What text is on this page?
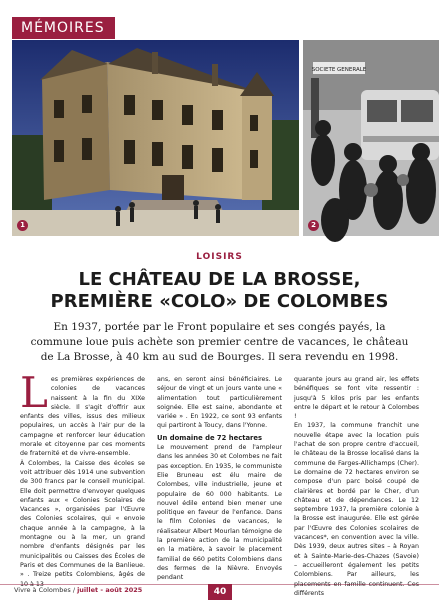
MÉMOIRES
1
SOCIETE GENERALE
2
LOISIRS
LE CHÂTEAU DE LA BROSSE,
PREMIÈRE «COLO» DE COLOMBES

En 1937, portée par le Front populaire et ses congés payés, la commune loue puis achète son premier centre de vacances, le château de La Brosse, à 40 km au sud de Bourges. Il sera revendu en 1998.

L es premières expériences de colonies de vacances naissent à la fin du XIXe siècle. Il s'agit d'offrir aux enfants des villes, issus des milieux populaires, un accès à l'air pur de la campagne et renforcer leur éducation morale et citoyenne par ces moments de fraternité et de vivre-ensemble.

À Colombes, la Caisse des écoles se voit attribuer dès 1914 une subvention de 300 francs par le conseil municipal. Elle doit permettre d'envoyer quelques enfants aux « Colonies Scolaires de Vacances », organisées par l'Œuvre des Colonies scolaires, qui « envoie chaque année à la campagne, à la montagne ou à la mer, un grand nombre d'enfants désignés par les municipalités ou Caisses des Écoles de Paris et des Communes de la Banlieue. » . Treize petits Colombiens, âgés de

ans, en seront ainsi bénéficiaires. Le séjour de vingt et un jours vante une « alimentation tout particulièrement soignée. Elle est saine, abondante et variée » . En 1922, ce sont 93 enfants qui partiront à Toucy, dans l'Yonne.

Un domaine de 72 hectares

Le mouvement prend de l'ampleur dans les années 30 et Colombes ne fait pas exception. En 1935, le communiste Elie Bruneau est élu maire de Colombes, ville industrielle, jeune et populaire de 60 000 habitants. Le nouvel édile entend bien mener une politique en faveur de l'enfance. Dans le film Colonies de vacances, le réalisateur Albert Mourlan témoigne de la première action de la municipalité en la matière, à savoir le placement familial de 660 petits Colombiens dans des fermes de la Nièvre. Envoyés pendant

quarante jours au grand air, les effets bénéfiques se font vite ressentir : jusqu'à 5 kilos pris par les enfants entre le départ et le retour à Colombes !

En 1937, la commune franchit une nouvelle étape avec la location puis l'achat de son propre centre d'accueil, le château de la Brosse localisé dans la commune de Farges-Allichamps (Cher). Le domaine de 72 hectares environ se compose d'un parc boisé coupé de clairières et bordé par le Cher, d'un château et de dépendances. Le 12 septembre 1937, la première colonie à la Brosse est inaugurée. Elle est gérée par l'Œuvre des Colonies scolaires de vacances*, en convention avec la ville. Dès 1939, deux autres sites – à Royan et à Sainte-Marie-des-Chazes (Savoie) – accueilleront également les petits Colombiens. Par ailleurs, les différents

Vivre à Colombes / juillet - août 2025	40
